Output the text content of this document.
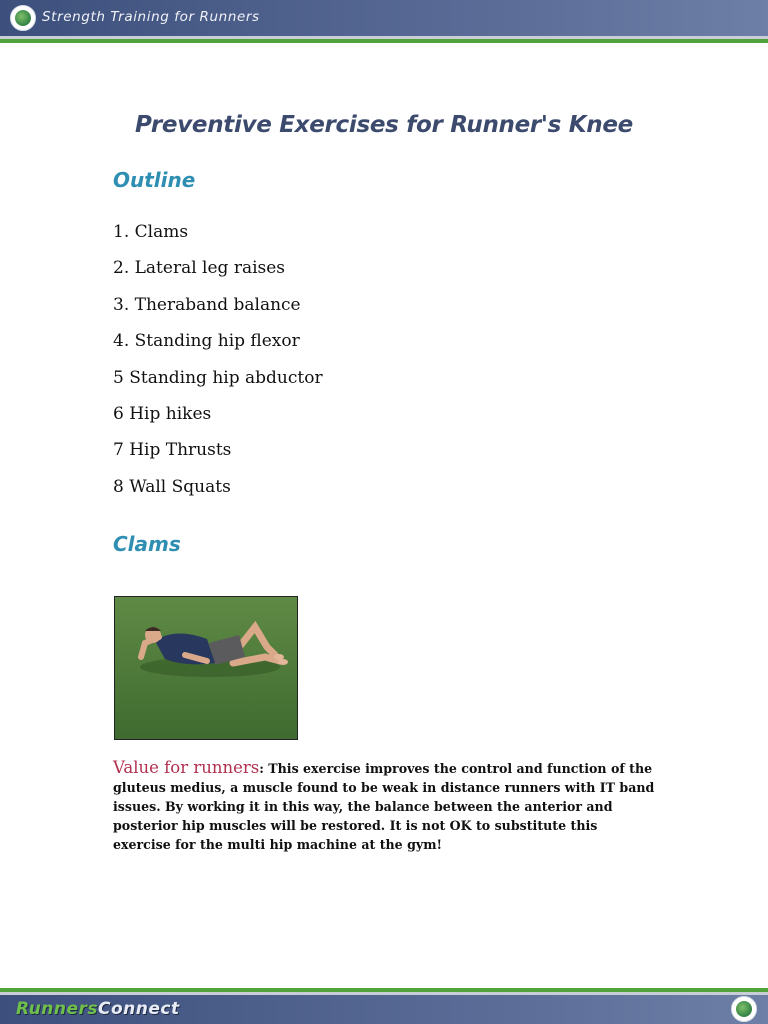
Strength Training for Runners
Preventive Exercises for Runner's Knee
Outline
1. Clams
2. Lateral leg raises
3. Theraband balance
4. Standing hip flexor
5 Standing hip abductor
6 Hip hikes
7 Hip Thrusts
8 Wall Squats
Clams
Value for runners: This exercise improves the control and function of the gluteus medius, a muscle found to be weak in distance runners with IT band issues. By working it in this way, the balance between the anterior and posterior hip muscles will be restored. It is not OK to substitute this exercise for the multi hip machine at the gym!
RunnersConnect
